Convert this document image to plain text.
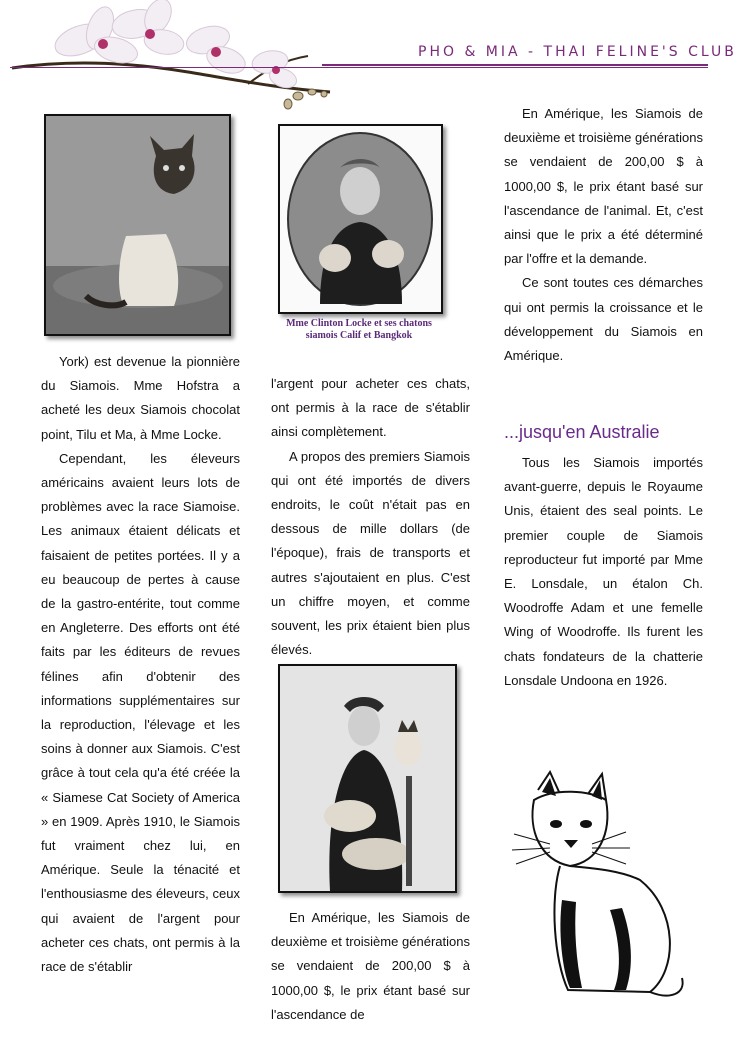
PHO & MIA - THAI FELINE'S CLUB
Mme Clinton Locke et ses chatons siamois Calif et Bangkok

York) est devenue la pionnière du Siamois. Mme Hofstra a acheté les deux Siamois chocolat point, Tilu et Ma, à Mme Locke.

Cependant, les éleveurs américains avaient leurs lots de problèmes avec la race Siamoise. Les animaux étaient délicats et faisaient de petites portées. Il y a eu beaucoup de pertes à cause de la gastro-entérite, tout comme en Angleterre. Des efforts ont été faits par les éditeurs de revues félines afin d'obtenir des informations supplémentaires sur la reproduction, l'élevage et les soins à donner aux Siamois. C'est grâce à tout cela qu'a été créée la « Siamese Cat Society of America » en 1909. Après 1910, le Siamois fut vraiment chez lui, en Amérique. Seule la ténacité et l'enthousiasme des éleveurs, ceux qui avaient de l'argent pour acheter ces chats, ont permis à la race de s'établir

l'argent pour acheter ces chats, ont permis à la race de s'établir ainsi complètement.

A propos des premiers Siamois qui ont été importés de divers endroits, le coût n'était pas en dessous de mille dollars (de l'époque), frais de transports et autres s'ajoutaient en plus. C'est un chiffre moyen, et comme souvent, les prix étaient bien plus élevés.

En Amérique, les Siamois de deuxième et troisième générations se vendaient de 200,00 $ à 1000,00 $, le prix étant basé sur l'ascendance de

En Amérique, les Siamois de deuxième et troisième générations se vendaient de 200,00 $ à 1000,00 $, le prix étant basé sur l'ascendance de l'animal. Et, c'est ainsi que le prix a été déterminé par l'offre et la demande.

Ce sont toutes ces démarches qui ont permis la croissance et le développement du Siamois en Amérique.

...jusqu'en Australie

Tous les Siamois importés avant-guerre, depuis le Royaume Unis, étaient des seal points. Le premier couple de Siamois reproducteur fut importé par Mme E. Lonsdale, un étalon Ch. Woodroffe Adam et une femelle Wing of Woodroffe. Ils furent les chats fondateurs de la chatterie Lonsdale Undoona en 1926.
